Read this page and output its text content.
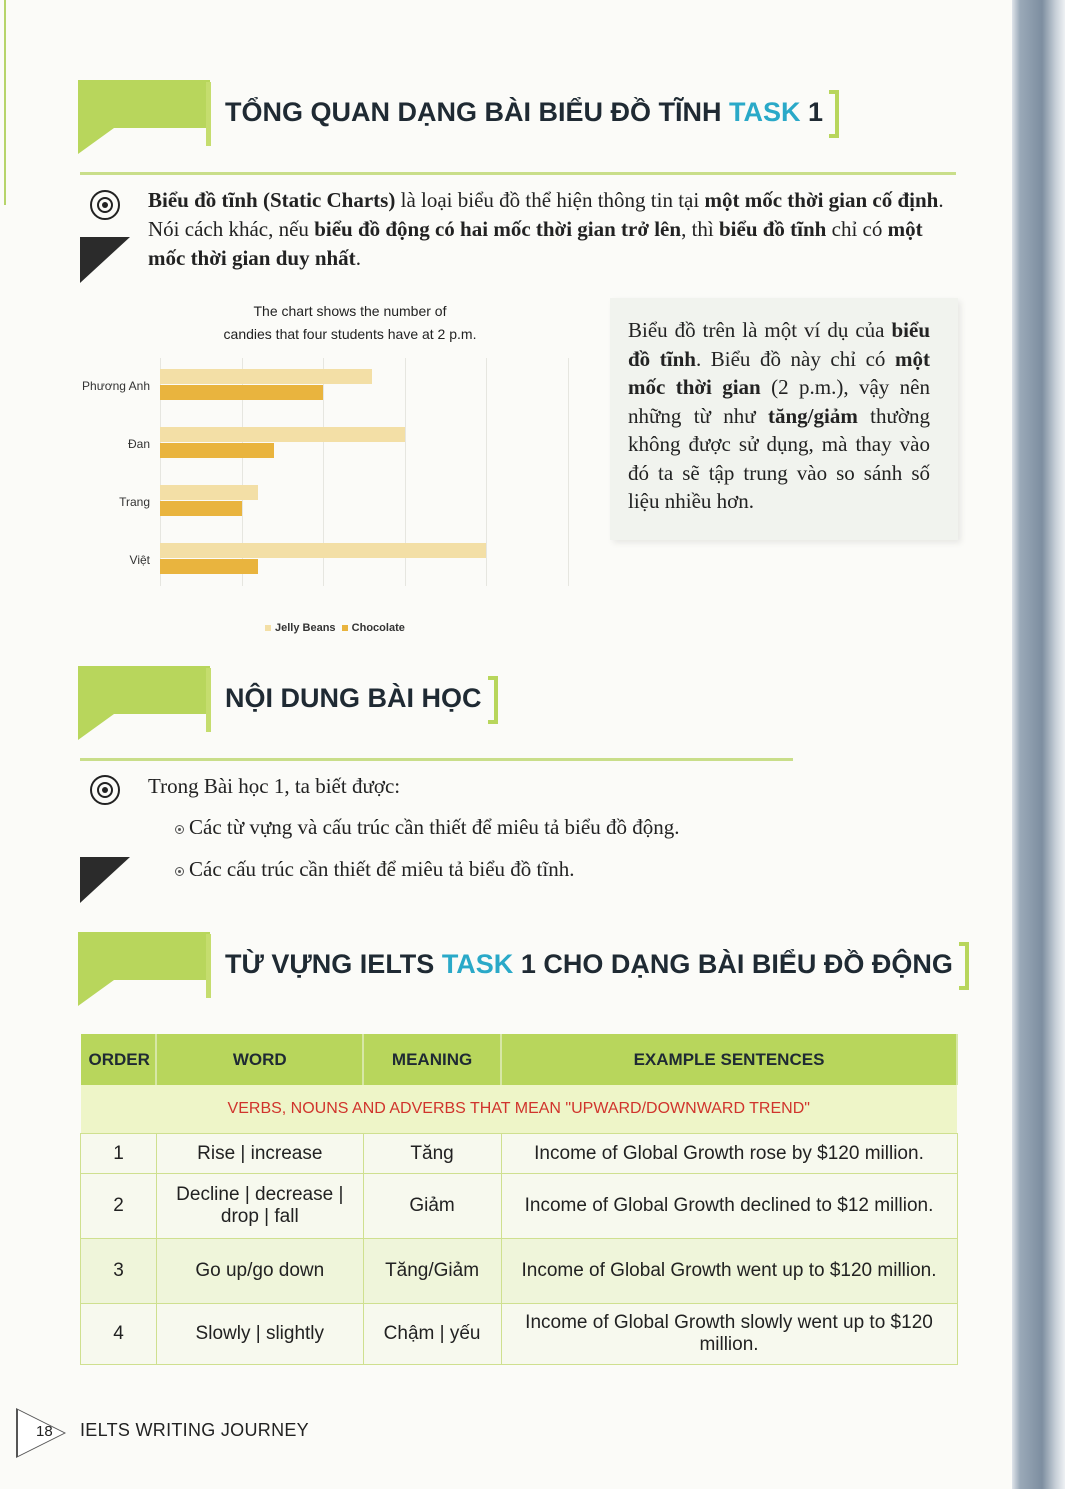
TỔNG QUAN DẠNG BÀI BIỂU ĐỒ TĨNH TASK 1
Biểu đồ tĩnh (Static Charts) là loại biểu đồ thể hiện thông tin tại một mốc thời gian cố định. Nói cách khác, nếu biểu đồ động có hai mốc thời gian trở lên, thì biểu đồ tĩnh chỉ có một mốc thời gian duy nhất.
The chart shows the number of
candies that four students have at 2 p.m.
Phương Anh
Đan
Trang
Việt
Jelly Beans Chocolate
Biểu đồ trên là một ví dụ của biểu đồ tĩnh. Biểu đồ này chỉ có một mốc thời gian (2 p.m.), vậy nên những từ như tăng/giảm thường không được sử dụng, mà thay vào đó ta sẽ tập trung vào so sánh số liệu nhiều hơn.
NỘI DUNG BÀI HỌC
Trong Bài học 1, ta biết được:
Các từ vựng và cấu trúc cần thiết để miêu tả biểu đồ động.
Các cấu trúc cần thiết để miêu tả biểu đồ tĩnh.
TỪ VỰNG IELTS TASK 1 CHO DẠNG BÀI BIỂU ĐỒ ĐỘNG
ORDER	WORD	MEANING	EXAMPLE SENTENCES
VERBS, NOUNS AND ADVERBS THAT MEAN "UPWARD/DOWNWARD TREND"			
1	Rise | increase	Tăng	Income of Global Growth rose by $120 million.
2	Decline | decrease | drop | fall	Giảm	Income of Global Growth declined to $12 million.
3	Go up/go down	Tăng/Giảm	Income of Global Growth went up to $120 million.
4	Slowly | slightly	Chậm | yếu	Income of Global Growth slowly went up to $120 million.
18 IELTS WRITING JOURNEY
